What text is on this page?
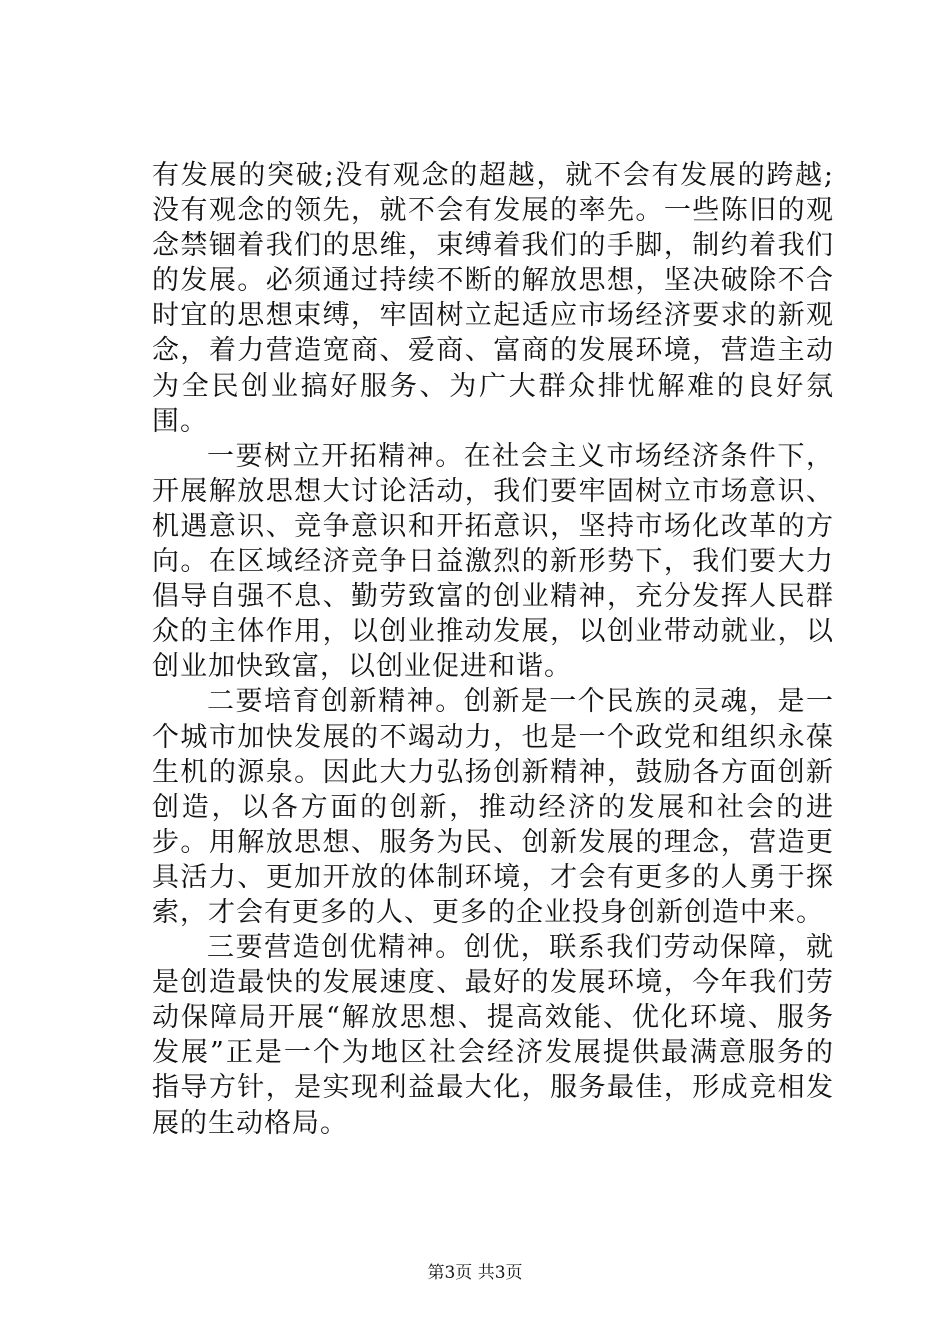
有发展的突破;没有观念的超越，就不会有发展的跨越;没有观念的领先，就不会有发展的率先。一些陈旧的观念禁锢着我们的思维，束缚着我们的手脚，制约着我们的发展。必须通过持续不断的解放思想，坚决破除不合时宜的思想束缚，牢固树立起适应市场经济要求的新观念，着力营造宽商、爱商、富商的发展环境，营造主动为全民创业搞好服务、为广大群众排忧解难的良好氛围。

一要树立开拓精神。在社会主义市场经济条件下，开展解放思想大讨论活动，我们要牢固树立市场意识、机遇意识、竞争意识和开拓意识，坚持市场化改革的方向。在区域经济竞争日益激烈的新形势下，我们要大力倡导自强不息、勤劳致富的创业精神，充分发挥人民群众的主体作用，以创业推动发展，以创业带动就业，以创业加快致富，以创业促进和谐。

二要培育创新精神。创新是一个民族的灵魂，是一个城市加快发展的不竭动力，也是一个政党和组织永葆生机的源泉。因此大力弘扬创新精神，鼓励各方面创新创造，以各方面的创新，推动经济的发展和社会的进步。用解放思想、服务为民、创新发展的理念，营造更具活力、更加开放的体制环境，才会有更多的人勇于探索，才会有更多的人、更多的企业投身创新创造中来。

三要营造创优精神。创优，联系我们劳动保障，就是创造最快的发展速度、最好的发展环境，今年我们劳动保障局开展“解放思想、提高效能、优化环境、服务发展”正是一个为地区社会经济发展提供最满意服务的指导方针，是实现利益最大化，服务最佳，形成竞相发展的生动格局。

第3页 共3页
